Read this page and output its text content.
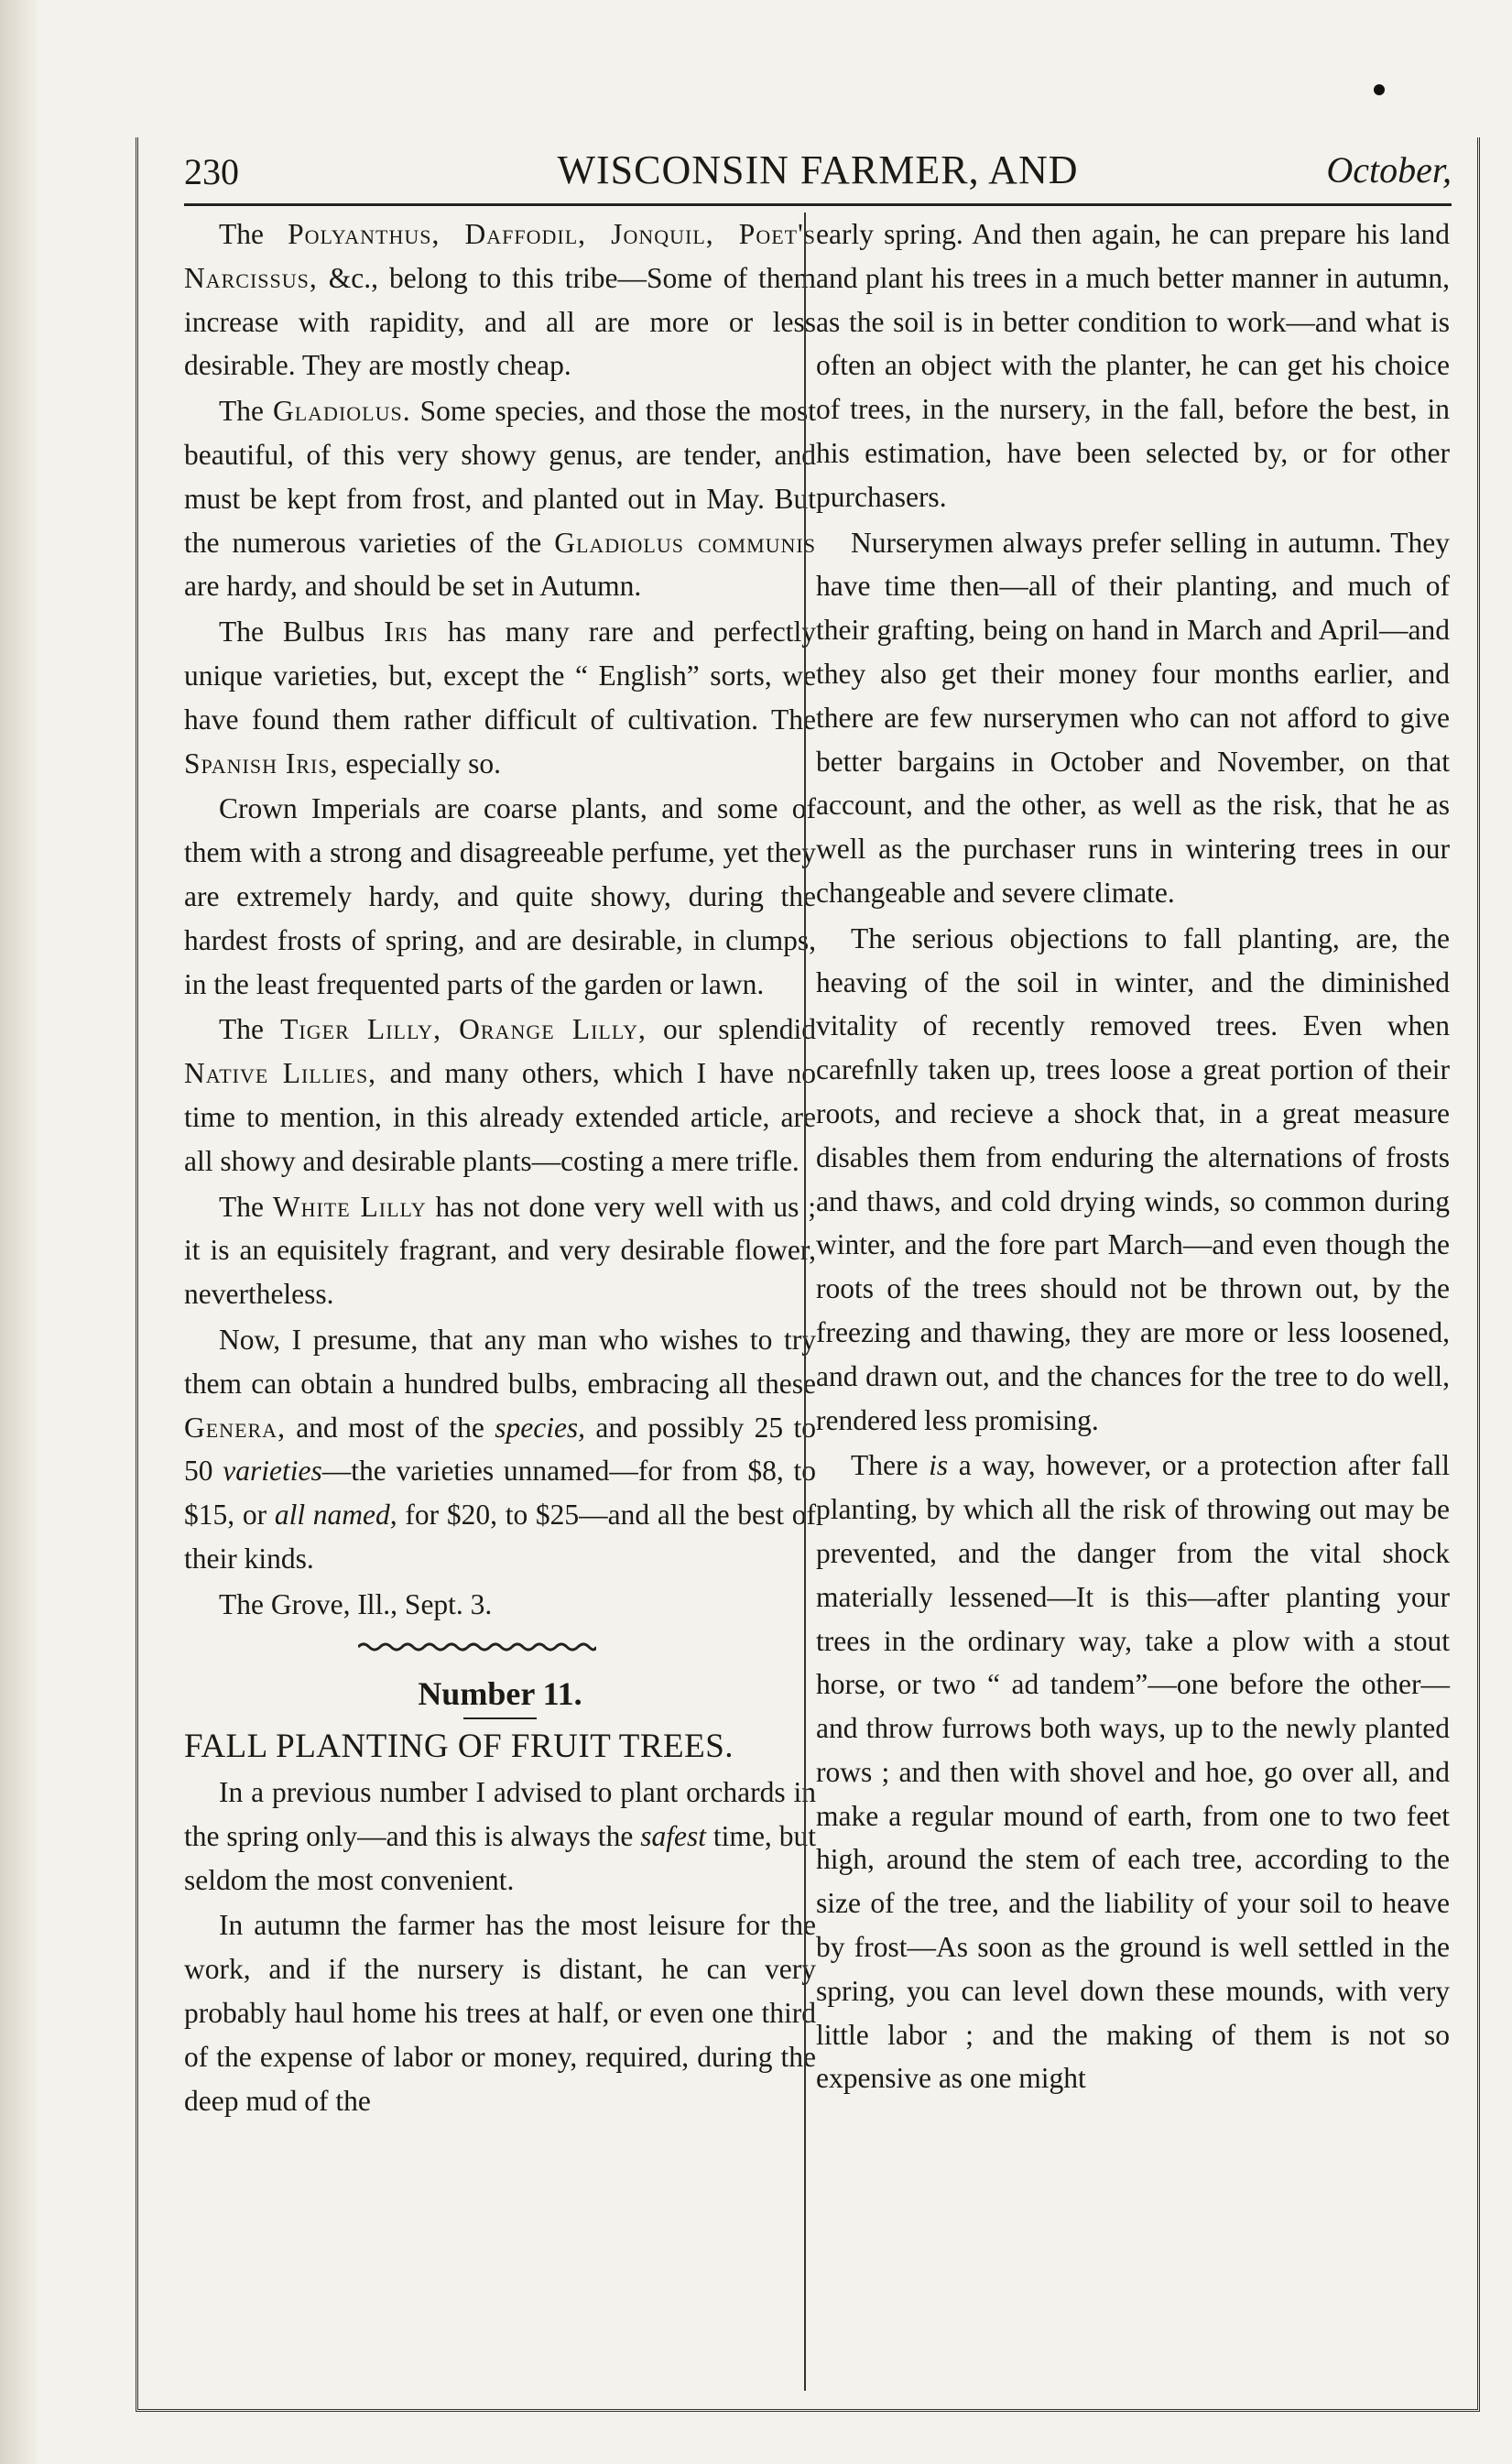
230	WISCONSIN FARMER, AND	October,

The Polyanthus, Daffodil, Jonquil, Poet's Narcissus, &c., belong to this tribe—Some of them increase with rapidity, and all are more or less desirable. They are mostly cheap.

The Gladiolus. Some species, and those the most beautiful, of this very showy genus, are tender, and must be kept from frost, and planted out in May. But the numerous varieties of the Gladiolus communis are hardy, and should be set in Autumn.

The Bulbus Iris has many rare and perfectly unique varieties, but, except the “ English” sorts, we have found them rather difficult of cultivation. The Spanish Iris, especially so.

Crown Imperials are coarse plants, and some of them with a strong and disagreeable perfume, yet they are extremely hardy, and quite showy, during the hardest frosts of spring, and are desirable, in clumps, in the least frequented parts of the garden or lawn.

The Tiger Lilly, Orange Lilly, our splendid Native Lillies, and many others, which I have no time to mention, in this already extended article, are all showy and desirable plants—costing a mere trifle.

The White Lilly has not done very well with us ; it is an equisitely fragrant, and very desirable flower, nevertheless.

Now, I presume, that any man who wishes to try them can obtain a hundred bulbs, embracing all these Genera, and most of the species, and possibly 25 to 50 varieties—the varieties unnamed—for from $8, to $15, or all named, for $20, to $25—and all the best of their kinds.

The Grove, Ill., Sept. 3.

Number 11.

FALL PLANTING OF FRUIT TREES.

In a previous number I advised to plant orchards in the spring only—and this is always the safest time, but seldom the most convenient.

In autumn the farmer has the most leisure for the work, and if the nursery is distant, he can very probably haul home his trees at half, or even one third of the expense of labor or money, required, during the deep mud of the

early spring. And then again, he can prepare his land and plant his trees in a much better manner in autumn, as the soil is in better condition to work—and what is often an object with the planter, he can get his choice of trees, in the nursery, in the fall, before the best, in his estimation, have been selected by, or for other purchasers.

Nurserymen always prefer selling in autumn. They have time then—all of their planting, and much of their grafting, being on hand in March and April—and they also get their money four months earlier, and there are few nurserymen who can not afford to give better bargains in October and November, on that account, and the other, as well as the risk, that he as well as the purchaser runs in wintering trees in our changeable and severe climate.

The serious objections to fall planting, are, the heaving of the soil in winter, and the diminished vitality of recently removed trees. Even when carefnlly taken up, trees loose a great portion of their roots, and recieve a shock that, in a great measure disables them from enduring the alternations of frosts and thaws, and cold drying winds, so common during winter, and the fore part March—and even though the roots of the trees should not be thrown out, by the freezing and thawing, they are more or less loosened, and drawn out, and the chances for the tree to do well, rendered less promising.

There is a way, however, or a protection after fall planting, by which all the risk of throwing out may be prevented, and the danger from the vital shock materially lessened—It is this—after planting your trees in the ordinary way, take a plow with a stout horse, or two “ ad tandem”—one before the other—and throw furrows both ways, up to the newly planted rows ; and then with shovel and hoe, go over all, and make a regular mound of earth, from one to two feet high, around the stem of each tree, according to the size of the tree, and the liability of your soil to heave by frost—As soon as the ground is well settled in the spring, you can level down these mounds, with very little labor ; and the making of them is not so expensive as one might
